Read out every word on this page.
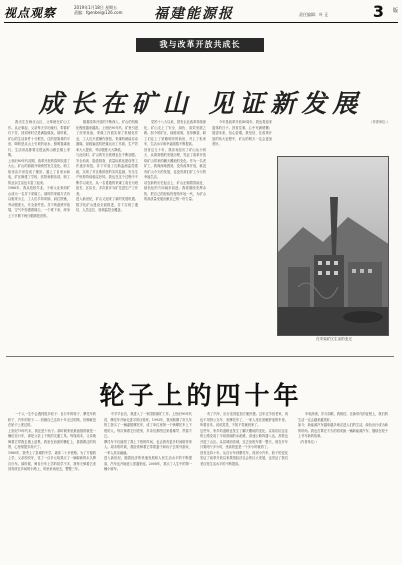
视点观察	2019年1月18日 星期五
责编：fgenbei@126.com 福建能源报	责任编辑：叶 正	3 版
我与改革开放共成长
成长在矿山 见证新发展

我出生在闽北山区，父辈就在矿山工作。从记事起，父亲每天早出晚归，带着矿灯下井，回到家时总是满脸煤灰。那时候，矿山的生活条件十分艰苦，住的是简易的平房，喝的是从山上引来的泉水，照明靠煤油灯，生活用品都要走很远的山路去镇上采购。
上世纪80年代初期，改革开放的春风吹进了大山，矿山的面貌开始悄然发生变化。职工宿舍由平房变成了楼房，通上了自来水和电，矿区修建了学校、医院和俱乐部，职工的业余生活也丰富了起来。
1986年，我从技校毕业，子承父业来到矿山成为一名井下采煤工。那时的采煤方式仍以炮采为主，工人们手持风镐、肩扛铁锹，劳动强度大，安全条件差。井下巷道狭窄低矮，空气中弥漫着煤尘，一个班下来，浑身上下只剩下两只眼睛是亮的。

随着改革开放的不断深入，矿山的机械化程度越来越高。上世纪90年代，矿里引进了综采设备，采煤工作面实现了机械化作业，工人们只需操作按钮，采煤机就能自动割煤，刮板输送机把煤运出工作面，生产效率大大提高，劳动强度大大降低。
与此同时，矿山的安全管理也在不断加强。安全培训、隐患排查、质量标准化建设等工作逐步规范，井下安装了瓦斯监测监控系统，实现了对瓦斯浓度的实时监测，安全生产形势持续稳定好转。我也在这个过程中不断学习成长，从一名普通的采煤工成长为班组长、区队长，多次被评为矿先进生产工作者。
进入新世纪，矿山又迎来了新的发展机遇。数字化矿山建设全面推进，井下实现了通信、人员定位、视频监控全覆盖。

党的十八大以来，国有企业改革持续深化，矿山走上了安全、绿色、高效发展之路。如今的矿区，绿树成荫，花草飘香，职工们住上了宽敞明亮的新房，开上了私家车，生活水平和幸福指数不断提高。
回首这几十年，我亲身经历了矿山从小到大、从弱到强的发展历程，见证了改革开放给矿山带来的翻天覆地的变化。作为一名老矿工，我深深地感到，没有改革开放，就没有矿山今天的发展，也没有我们矿工今天的幸福生活。
站在新的历史起点上，矿山正朝着智能化、绿色化的方向阔步前进。我将继续发挥余热，把自己的经验传授给年轻一代，为矿山的高质量发展贡献自己的一份力量。

今年是改革开放40周年，我也将迎来退休的日子。回首往事，心中充满感慨；展望未来，信心倍增。我坚信，在改革开放的伟大征程中，矿山的明天一定会更加美好。

（作者单位：）

在安装矿区生活的变迁
轮子上的四十年

一个人一生中会遇到很多轮子：自行车的轮子、摩托车的轮子、汽车的轮子……回顾自己这四十年走过的路，仿佛就是在轮子上度过的。
上世纪70年代末，我还是个孩子。那时候家里最值钱的就是一辆旧自行车，那是父亲上下班的交通工具。每逢周末，父亲就骑着它带我去镇上赶集，我坐在前面的横杠上，看着路边的风景，心里别提多高兴了。
1980年，我考上了县城的中学，离家二十多里路。为了方便我上学，父亲咬咬牙，花了一百多元给我买了一辆崭新的永久牌自行车。那时候，骑自行车上学的同学不多，我每天骑着它来回奔波在乡间的小路上，风里来雨里去，整整三年。

中学毕业后，我进入了一家国营煤矿工作。上世纪90年代初，摩托车开始走进寻常百姓家。1993年，我用积攒了好几年的工资买了一辆嘉陵摩托车，成了单位里第一个骑摩托车上下班的人。每次骑着它回老家，乡亲们都围过来看稀罕，羡慕不已。
摩托车不仅缩短了我上下班的时间，也让我有更多时间陪伴家人。周末的时候，我经常骑着它带着妻子和孩子去郊外游玩，一家人其乐融融。
进入新世纪，随着经济的快速发展和人民生活水平的不断提高，汽车也开始进入普通家庭。2008年，我买了人生中的第一辆小轿车。

有了汽车，出行变得更加方便快捷。过年过节回老家，再也不用挤公交车、坐摩托车了，一家人坐在宽敞舒适的车里，听着音乐，说说笑笑，不知不觉就到家了。
这些年，家乡的道路也发生了翻天覆地的变化。以前坑坑洼洼的土路变成了平坦宽阔的水泥路，高速公路四通八达，高铁也开进了山区。从县城到省城，过去坐班车要一整天，现在开车只要两个多小时，坐高铁更是一个多小时就到了。
回首这四十年，从自行车到摩托车，再到小汽车，轮子的变化见证了改革开放以来我国经济社会的巨大发展，也见证了我们老百姓生活水平的不断提高。

车轮滚滚，岁月如歌。我相信，在新时代的征程上，我们的生活一定会越来越美好。
如今，新能源汽车越来越多地走进人们的生活，绿色出行成为新的时尚。我也打算在不久的将来换一辆新能源汽车，继续在轮子上书写新的故事。
（作者单位：）
